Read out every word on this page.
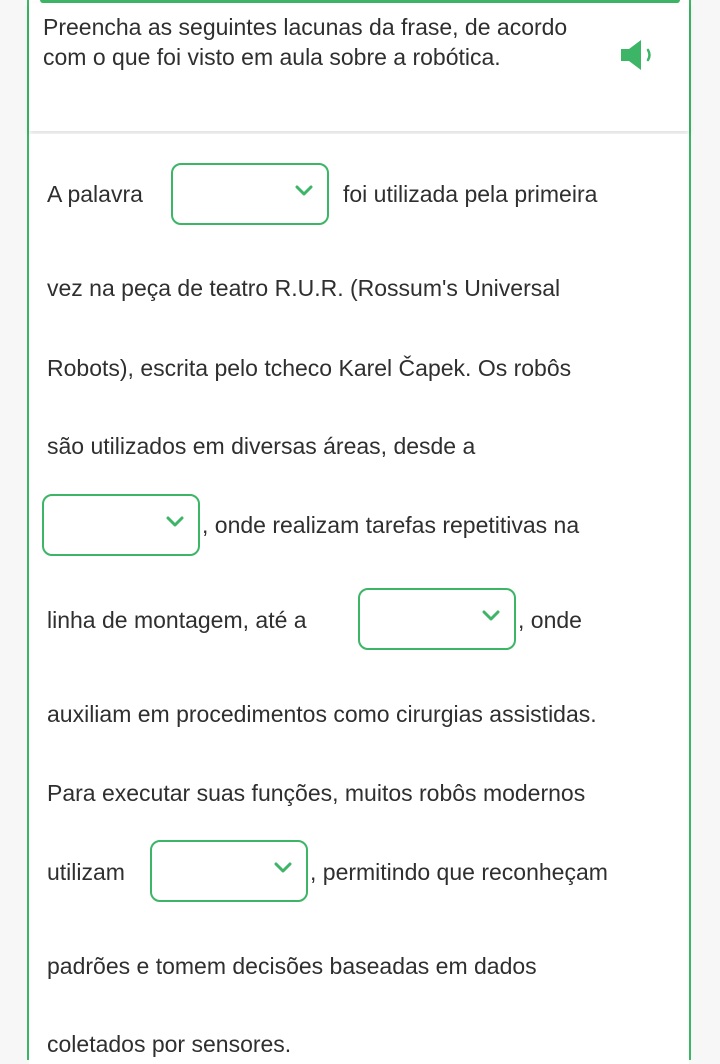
Preencha as seguintes lacunas da frase, de acordo com o que foi visto em aula sobre a robótica.
A palavra	foi utilizada pela primeira
vez na peça de teatro R.U.R. (Rossum's Universal
Robots), escrita pelo tcheco Karel Čapek. Os robôs
são utilizados em diversas áreas, desde a
, onde realizam tarefas repetitivas na
linha de montagem, até a	, onde
auxiliam em procedimentos como cirurgias assistidas.
Para executar suas funções, muitos robôs modernos
utilizam	, permitindo que reconheçam
padrões e tomem decisões baseadas em dados
coletados por sensores.
